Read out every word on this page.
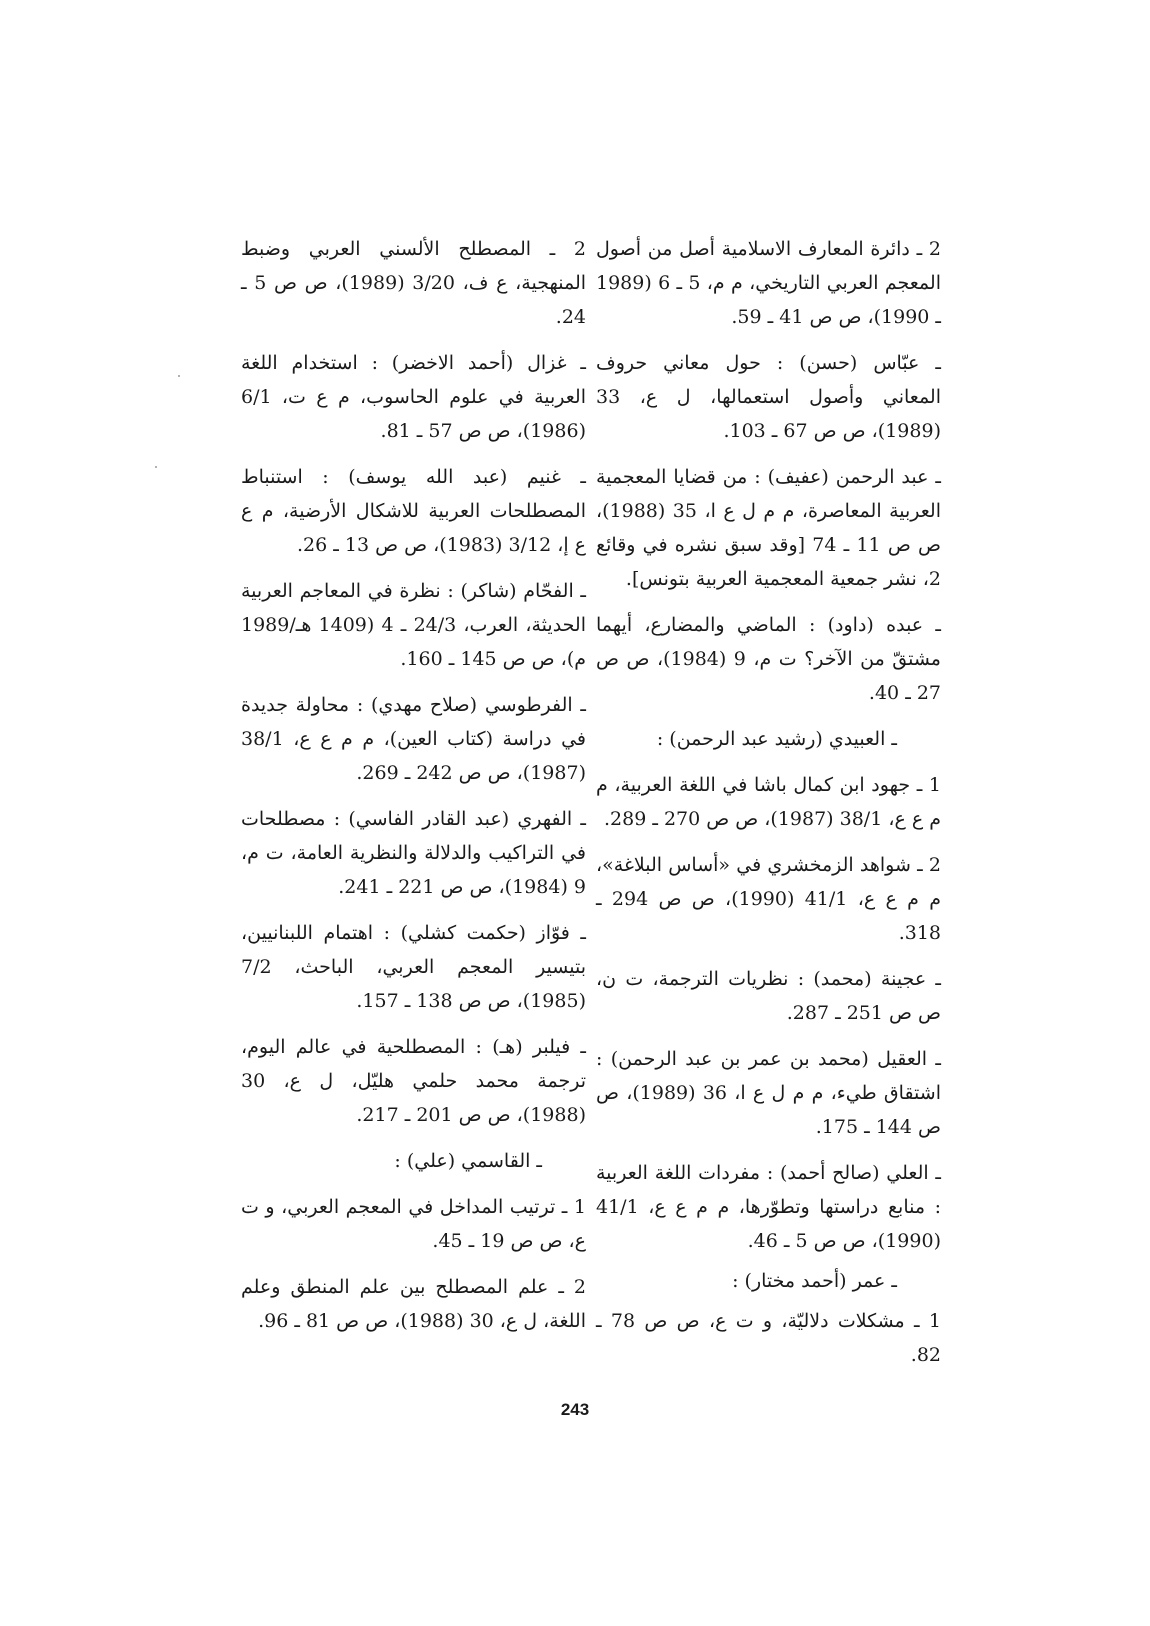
2 ـ دائرة المعارف الاسلامية أصل من أصول المعجم العربي التاريخي، م م، 5 ـ 6 (1989 ـ 1990)، ص ص 41 ـ 59.

ـ عبّاس (حسن) : حول معاني حروف المعاني وأصول استعمالها، ل ع، 33 (1989)، ص ص 67 ـ 103.

ـ عبد الرحمن (عفيف) : من قضايا المعجمية العربية المعاصرة، م م ل ع ا، 35 (1988)، ص ص 11 ـ 74 [وقد سبق نشره في وقائع 2، نشر جمعية المعجمية العربية بتونس].

ـ عبده (داود) : الماضي والمضارع، أيهما مشتقّ من الآخر؟ ت م، 9 (1984)، ص ص 27 ـ 40.

ـ العبيدي (رشيد عبد الرحمن) :

1 ـ جهود ابن كمال باشا في اللغة العربية، م م ع ع، 38/1 (1987)، ص ص 270 ـ 289.

2 ـ شواهد الزمخشري في «أساس البلاغة»، م م ع ع، 41/1 (1990)، ص ص 294 ـ 318.

ـ عجينة (محمد) : نظريات الترجمة، ت ن، ص ص 251 ـ 287.

ـ العقيل (محمد بن عمر بن عبد الرحمن) : اشتقاق طيء، م م ل ع ا، 36 (1989)، ص ص 144 ـ 175.

ـ العلي (صالح أحمد) : مفردات اللغة العربية : منابع دراستها وتطوّرها، م م ع ع، 41/1 (1990)، ص ص 5 ـ 46.

ـ عمر (أحمد مختار) :

1 ـ مشكلات دلاليّة، و ت ع، ص ص 78 ـ 82.

2 ـ المصطلح الألسني العربي وضبط المنهجية، ع ف، 3/20 (1989)، ص ص 5 ـ 24.

ـ غزال (أحمد الاخضر) : استخدام اللغة العربية في علوم الحاسوب، م ع ت، 6/1 (1986)، ص ص 57 ـ 81.

ـ غنيم (عبد الله يوسف) : استنباط المصطلحات العربية للاشكال الأرضية، م ع ع إ، 3/12 (1983)، ص ص 13 ـ 26.

ـ الفحّام (شاكر) : نظرة في المعاجم العربية الحديثة، العرب، 24/3 ـ 4 (1409 هـ/1989 م)، ص ص 145 ـ 160.

ـ الفرطوسي (صلاح مهدي) : محاولة جديدة في دراسة (كتاب العين)، م م ع ع، 38/1 (1987)، ص ص 242 ـ 269.

ـ الفهري (عبد القادر الفاسي) : مصطلحات في التراكيب والدلالة والنظرية العامة، ت م، 9 (1984)، ص ص 221 ـ 241.

ـ فوّاز (حكمت كشلي) : اهتمام اللبنانيين، بتيسير المعجم العربي، الباحث، 7/2 (1985)، ص ص 138 ـ 157.

ـ فيلبر (هـ) : المصطلحية في عالم اليوم، ترجمة محمد حلمي هليّل، ل ع، 30 (1988)، ص ص 201 ـ 217.

ـ القاسمي (علي) :

1 ـ ترتيب المداخل في المعجم العربي، و ت ع، ص ص 19 ـ 45.

2 ـ علم المصطلح بين علم المنطق وعلم اللغة، ل ع، 30 (1988)، ص ص 81 ـ 96.

243
